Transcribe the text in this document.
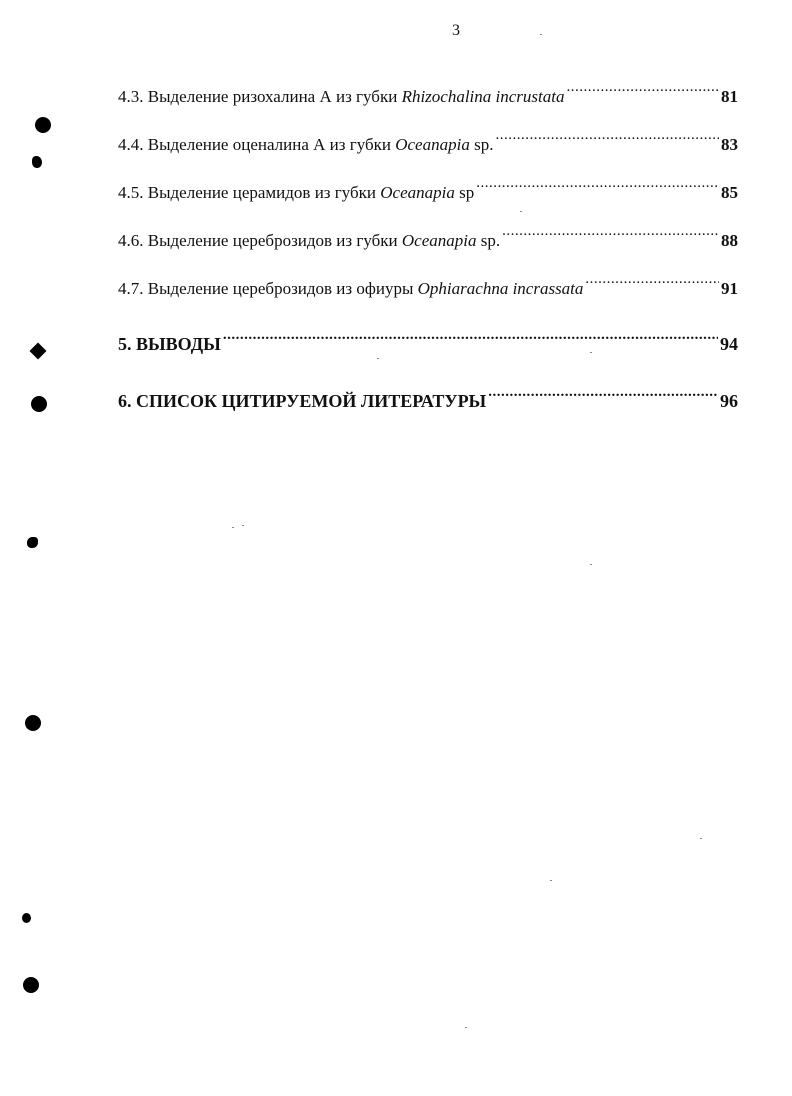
3
4.3. Выделение ризохалина А из губки Rhizochalina incrustata .....	81
4.4. Выделение оценалина А из губки Oceanapia sp. .....	83
4.5. Выделение церамидов из губки Oceanapia sp .....	85
4.6. Выделение цереброзидов из губки Oceanapia sp. .....	88
4.7. Выделение цереброзидов из офиуры Ophiarachna incrassata .....	91
5. ВЫВОДЫ .....	94
6. СПИСОК ЦИТИРУЕМОЙ ЛИТЕРАТУРЫ .....	96
